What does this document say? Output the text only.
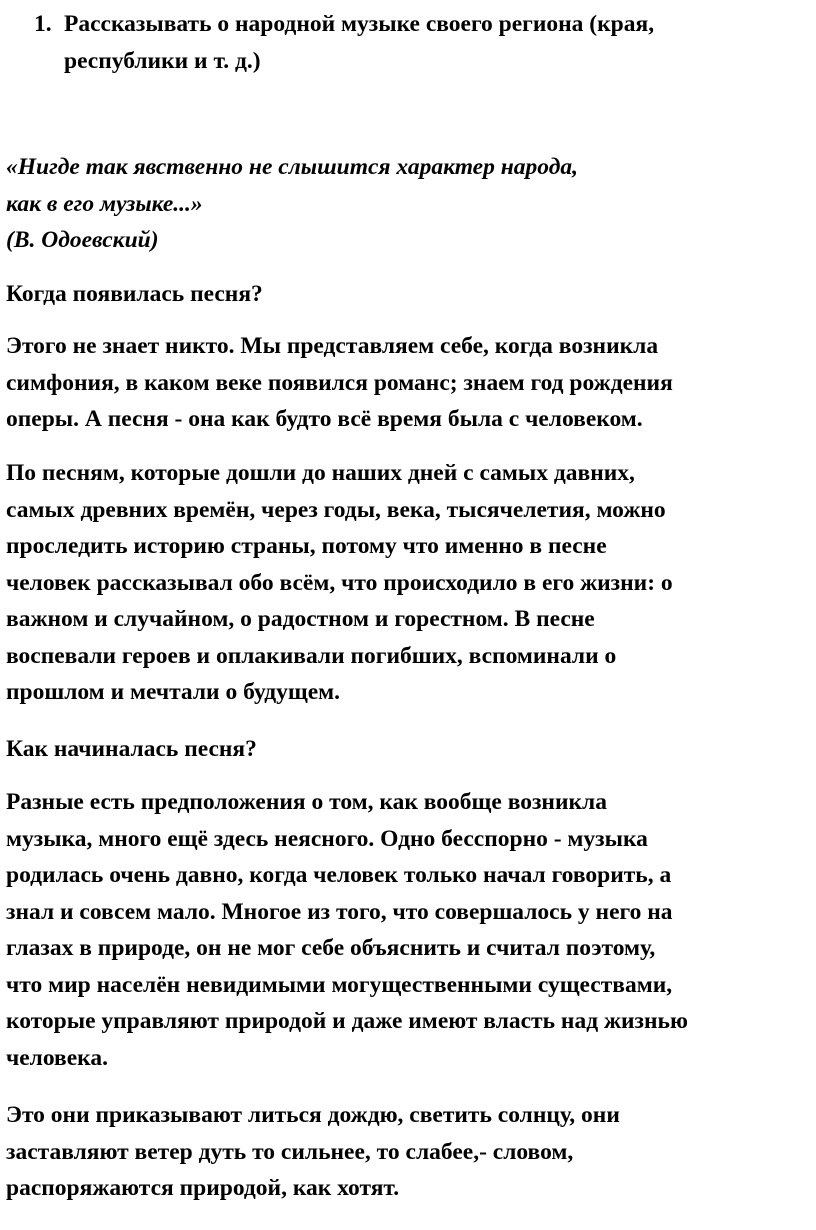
1. Рассказывать о народной музыке своего региона (края,
республики и т. д.)
«Нигде так явственно не слышится характер народа,
как в его музыке...»
(В. Одоевский)
Когда появилась песня?
Этого не знает никто. Мы представляем себе, когда возникла
симфония, в каком веке появился романс; знаем год рождения
оперы. А песня - она как будто всё время была с человеком.
По песням, которые дошли до наших дней с самых давних,
самых древних времён, через годы, века, тысячелетия, можно
проследить историю страны, потому что именно в песне
человек рассказывал обо всём, что происходило в его жизни: о
важном и случайном, о радостном и горестном. В песне
воспевали героев и оплакивали погибших, вспоминали о
прошлом и мечтали о будущем.
Как начиналась песня?
Разные есть предположения о том, как вообще возникла
музыка, много ещё здесь неясного. Одно бесспорно - музыка
родилась очень давно, когда человек только начал говорить, а
знал и совсем мало. Многое из того, что совершалось у него на
глазах в природе, он не мог себе объяснить и считал поэтому,
что мир населён невидимыми могущественными существами,
которые управляют природой и даже имеют власть над жизнью
человека.
Это они приказывают литься дождю, светить солнцу, они
заставляют ветер дуть то сильнее, то слабее,- словом,
распоряжаются природой, как хотят.
